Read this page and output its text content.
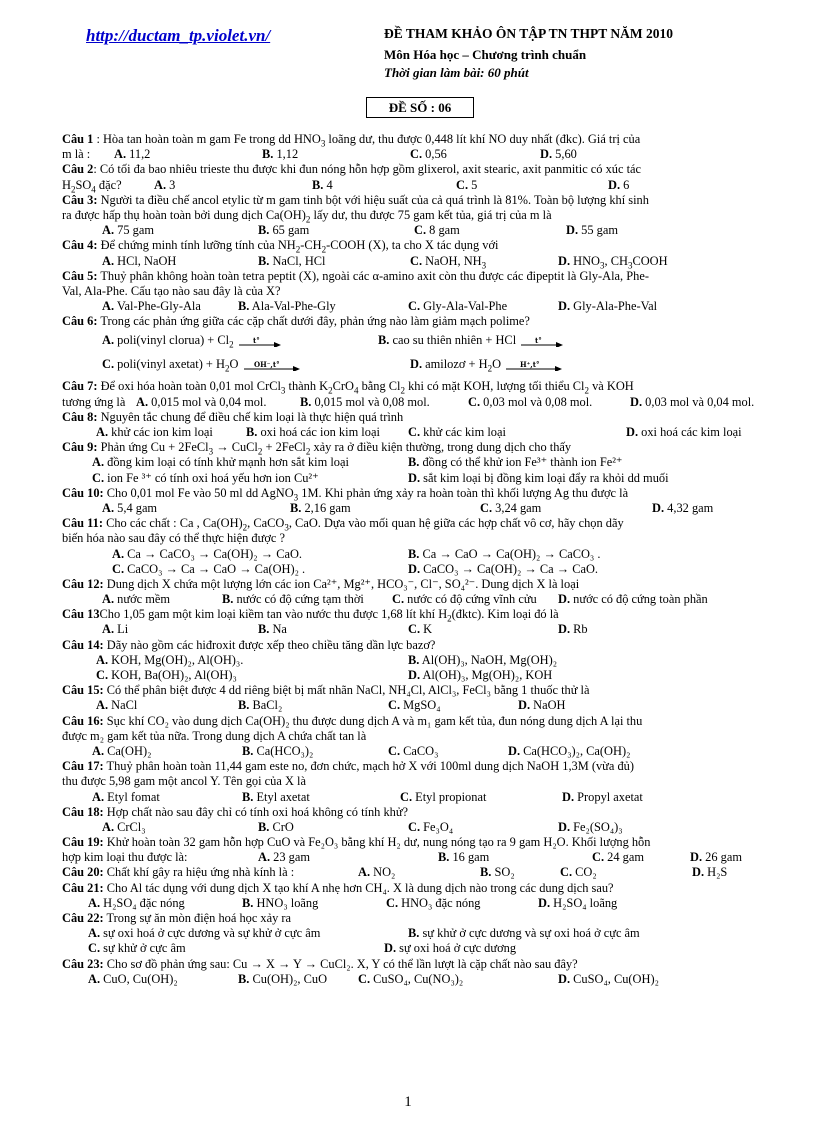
http://ductam_tp.violet.vn/	ĐỀ THAM KHẢO ÔN TẬP TN THPT NĂM 2010
Môn Hóa học – Chương trình chuẩn
Thời gian làm bài: 60 phút
ĐỀ SỐ : 06
Câu 1 : Hòa tan hoàn toàn m gam Fe trong dd $HNO_3$ loãng dư, thu được 0,448 lít khí NO duy nhất (đkc). Giá trị của
m là : A. 11,2	B. 1,12	C. 0,56	D. 5,60
Câu 2: Có tối đa bao nhiêu trieste thu được khi đun nóng hỗn hợp gồm glixerol, axit stearic, axit panmitic có xúc tác
$H_2SO_4$ đặc?	A. 3	B. 4	C. 5	D. 6
Câu 3: Người ta điều chế ancol etylic từ m gam tinh bột với hiệu suất của cả quá trình là 81%. Toàn bộ lượng khí sinh
ra được hấp thụ hoàn toàn bởi dung dịch $Ca(OH)_2$ lấy dư, thu được 75 gam kết tủa, giá trị của m là
A. 75 gam	B. 65 gam	C. 8 gam	D. 55 gam
Câu 4: Để chứng minh tính lưỡng tính của $NH_2-CH_2$-COOH (X), ta cho X tác dụng với
A. HCl, NaOH	B. NaCl, HCl	C. NaOH, $NH_3$	D. $HNO_3$, $CH_3COOH$
Câu 5: Thuỷ phân không hoàn toàn tetra peptit (X), ngoài các α-amino axit còn thu được các đipeptit là Gly-Ala, Phe-
Val, Ala-Phe. Cấu tạo nào sau đây là của X?
A. Val-Phe-Gly-Ala	B. Ala-Val-Phe-Gly	C. Gly-Ala-Val-Phe	D. Gly-Ala-Phe-Val
Câu 6: Trong các phản ứng giữa các cặp chất dưới đây, phản ứng nào làm giảm mạch polime?
A. poli(vinyl clorua) + $Cl_2$	t°	B. cao su thiên nhiên + HCl	t°
C. poli(vinyl axetat) + $H_2O$ OH⁻,t°	D. amilozơ + $H_2O$	H⁺,t°
Câu 7: Để oxi hóa hoàn toàn 0,01 mol CrCl$_3$ thành $K_2CrO_4$ bằng $Cl_2$ khi có mặt KOH, lượng tối thiểu $Cl_2$ và KOH
tương ứng là A. 0,015 mol và 0,04 mol.	B. 0,015 mol và 0,08 mol.	C. 0,03 mol và 0,08 mol.	D. 0,03 mol và 0,04 mol.
Câu 8: Nguyên tắc chung để điều chế kim loại là thực hiện quá trình
A. khử các ion kim loại	B. oxi hoá các ion kim loại C. khử các kim loại	D. oxi hoá các kim loại
Câu 9: Phản ứng Cu + 2FeCl$_3$ → CuCl$_2$ + 2FeCl$_2$ xảy ra ở điều kiện thường, trong dung dịch cho thấy
A. đồng kim loại có tính khử mạnh hơn sắt kim loại	B. đồng có thể khử ion Fe³⁺ thành ion Fe²⁺
C. ion Fe ³⁺ có tính oxi hoá yếu hơn ion Cu²⁺	D. sắt kim loại bị đồng kim loại đẩy ra khỏi dd muối
Câu 10: Cho 0,01 mol Fe vào 50 ml dd AgNO$_3$ 1M. Khi phản ứng xảy ra hoàn toàn thì khối lượng Ag thu được là
A. 5,4 gam	B. 2,16 gam	C. 3,24 gam	D. 4,32 gam
Câu 11: Cho các chất : Ca , $Ca(OH)_2$, CaCO$_3$, CaO. Dựa vào mối quan hệ giữa các hợp chất vô cơ, hãy chọn dãy
biến hóa nào sau đây có thể thực hiện được ?
A. Ca → CaCO₃ → Ca(OH)₂ → CaO.	B. Ca → CaO → Ca(OH)₂ → CaCO₃ .
C. CaCO₃ → Ca → CaO → Ca(OH)₂ .	D. CaCO₃ → Ca(OH)₂ → Ca → CaO.
Câu 12: Dung dịch X chứa một lượng lớn các ion Ca²⁺, Mg²⁺, HCO₃⁻, Cl⁻, SO₄²⁻. Dung dịch X là loại
A. nước mềm	B. nước có độ cứng tạm thời C. nước có độ cứng vĩnh cửu D. nước có độ cứng toàn phần
Câu 13Cho 1,05 gam một kim loại kiềm tan vào nước thu được 1,68 lít khí $H_2(đktc)$. Kim loại đó là
A. Li	B. Na	C. K	D. Rb
Câu 14: Dãy nào gồm các hiđroxit được xếp theo chiều tăng dần lực bazơ?
A. KOH, Mg(OH)₂, Al(OH)₃.	B. Al(OH)₃, NaOH, Mg(OH)₂
C. KOH, Ba(OH)₂, Al(OH)₃	D. Al(OH)₃, Mg(OH)₂, KOH
Câu 15: Có thể phân biệt được 4 dd riêng biệt bị mất nhãn NaCl, NH₄Cl, AlCl₃, FeCl₃ bằng 1 thuốc thử là
A. NaCl	B. BaCl₂	C. MgSO₄	D. NaOH
Câu 16: Sục khí CO₂ vào dung dịch Ca(OH)₂ thu được dung dịch A và m₁ gam kết tủa, đun nóng dung dịch A lại thu
được m₂ gam kết tủa nữa. Trong dung dịch A chứa chất tan là
A. Ca(OH)₂	B. Ca(HCO₃)₂	C. CaCO₃	D. Ca(HCO₃)₂, Ca(OH)₂
Câu 17: Thuỷ phân hoàn toàn 11,44 gam este no, đơn chức, mạch hở X với 100ml dung dịch NaOH 1,3M (vừa đủ)
thu được 5,98 gam một ancol Y. Tên gọi của X là
A. Etyl fomat	B. Etyl axetat	C. Etyl propionat	D. Propyl axetat
Câu 18: Hợp chất nào sau đây chỉ có tính oxi hoá không có tính khử?
A. CrCl₃	B. CrO	C. Fe₃O₄	D. Fe₂(SO₄)₃
Câu 19: Khử hoàn toàn 32 gam hỗn hợp CuO và Fe₂O₃ bằng khí H₂ dư, nung nóng tạo ra 9 gam H₂O. Khối lượng hỗn
hợp kim loại thu được là:	A. 23 gam	B. 16 gam	C. 24 gam	D. 26 gam
Câu 20: Chất khí gây ra hiệu ứng nhà kính là :	A. NO₂	B. SO₂	C. CO₂	D. H₂S
Câu 21: Cho Al tác dụng với dung dịch X tạo khí A nhẹ hơn CH₄. X là dung dịch nào trong các dung dịch sau?
A. H₂SO₄ đặc nóng	B. HNO₃ loãng	C. HNO₃ đặc nóng	D. H₂SO₄ loãng
Câu 22: Trong sự ăn mòn điện hoá học xảy ra
A. sự oxi hoá ở cực dương và sự khử ở cực âm	B. sự khử ở cực dương và sự oxi hoá ở cực âm
C. sự khử ở cực âm	D. sự oxi hoá ở cực dương
Câu 23: Cho sơ đồ phản ứng sau: Cu → X → Y → CuCl₂. X, Y có thể lần lượt là cặp chất nào sau đây?
A. CuO, Cu(OH)₂	B. Cu(OH)₂, CuO C. CuSO₄, Cu(NO₃)₂	D. CuSO₄, Cu(OH)₂
1
